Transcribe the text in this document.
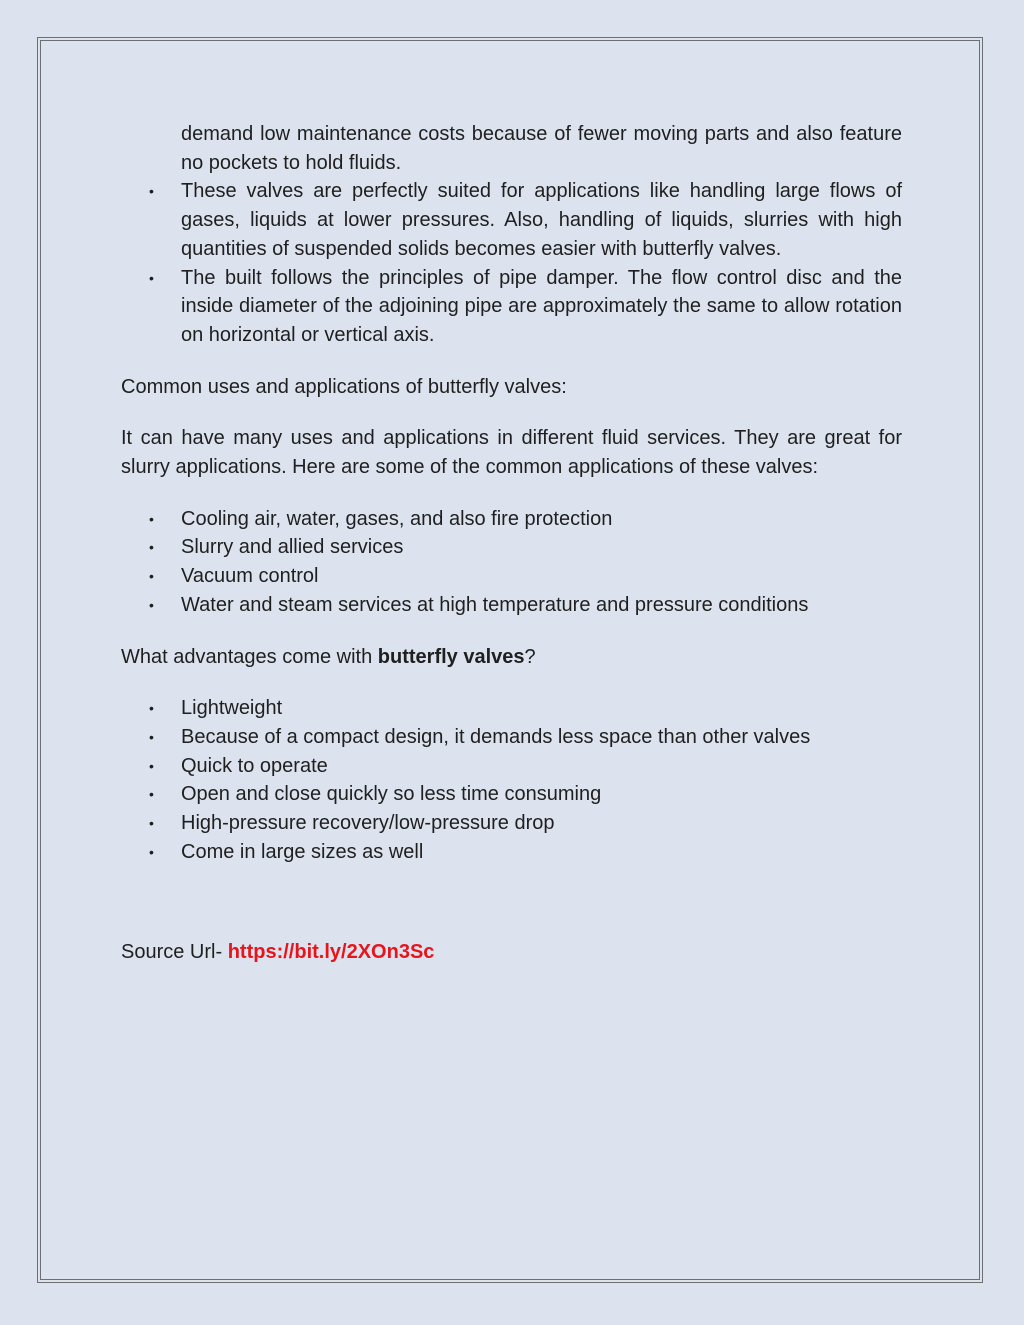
demand low maintenance costs because of fewer moving parts and also feature no pockets to hold fluids.

• These valves are perfectly suited for applications like handling large flows of gases, liquids at lower pressures. Also, handling of liquids, slurries with high quantities of suspended solids becomes easier with butterfly valves.
• The built follows the principles of pipe damper. The flow control disc and the inside diameter of the adjoining pipe are approximately the same to allow rotation on horizontal or vertical axis.

Common uses and applications of butterfly valves:

It can have many uses and applications in different fluid services. They are great for slurry applications. Here are some of the common applications of these valves:

• Cooling air, water, gases, and also fire protection
• Slurry and allied services
• Vacuum control
• Water and steam services at high temperature and pressure conditions

What advantages come with butterfly valves?

• Lightweight
• Because of a compact design, it demands less space than other valves
• Quick to operate
• Open and close quickly so less time consuming
• High-pressure recovery/low-pressure drop
• Come in large sizes as well

Source Url- https://bit.ly/2XOn3Sc
